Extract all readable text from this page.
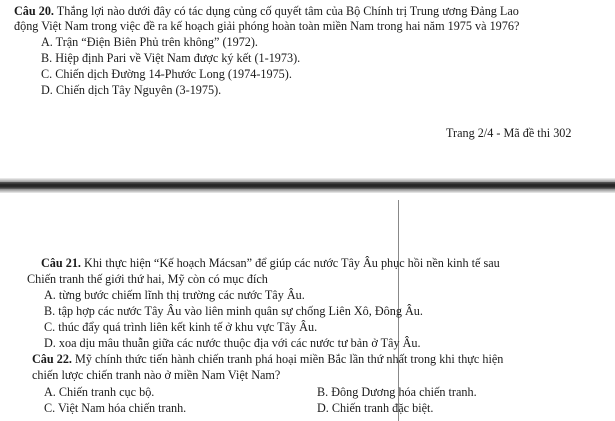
Câu 20. Thắng lợi nào dưới đây có tác dụng củng cố quyết tâm của Bộ Chính trị Trung ương Đảng Lao
động Việt Nam trong việc đề ra kế hoạch giải phóng hoàn toàn miền Nam trong hai năm 1975 và 1976?
A. Trận “Điện Biên Phủ trên không” (1972).
B. Hiệp định Pari về Việt Nam được ký kết (1-1973).
C. Chiến dịch Đường 14-Phước Long (1974-1975).
D. Chiến dịch Tây Nguyên (3-1975).
Trang 2/4 - Mã đề thi 302
Câu 21. Khi thực hiện “Kế hoạch Mácsan” để giúp các nước Tây Âu phục hồi nền kinh tế sau
Chiến tranh thế giới thứ hai, Mỹ còn có mục đích
A. từng bước chiếm lĩnh thị trường các nước Tây Âu.
B. tập hợp các nước Tây Âu vào liên minh quân sự chống Liên Xô, Đông Âu.
C. thúc đẩy quá trình liên kết kinh tế ở khu vực Tây Âu.
D. xoa dịu mâu thuẫn giữa các nước thuộc địa với các nước tư bản ở Tây Âu.
Câu 22. Mỹ chính thức tiến hành chiến tranh phá hoại miền Bắc lần thứ nhất trong khi thực hiện
chiến lược chiến tranh nào ở miền Nam Việt Nam?
A. Chiến tranh cục bộ.	B. Đông Dương hóa chiến tranh.
C. Việt Nam hóa chiến tranh.	D. Chiến tranh đặc biệt.
